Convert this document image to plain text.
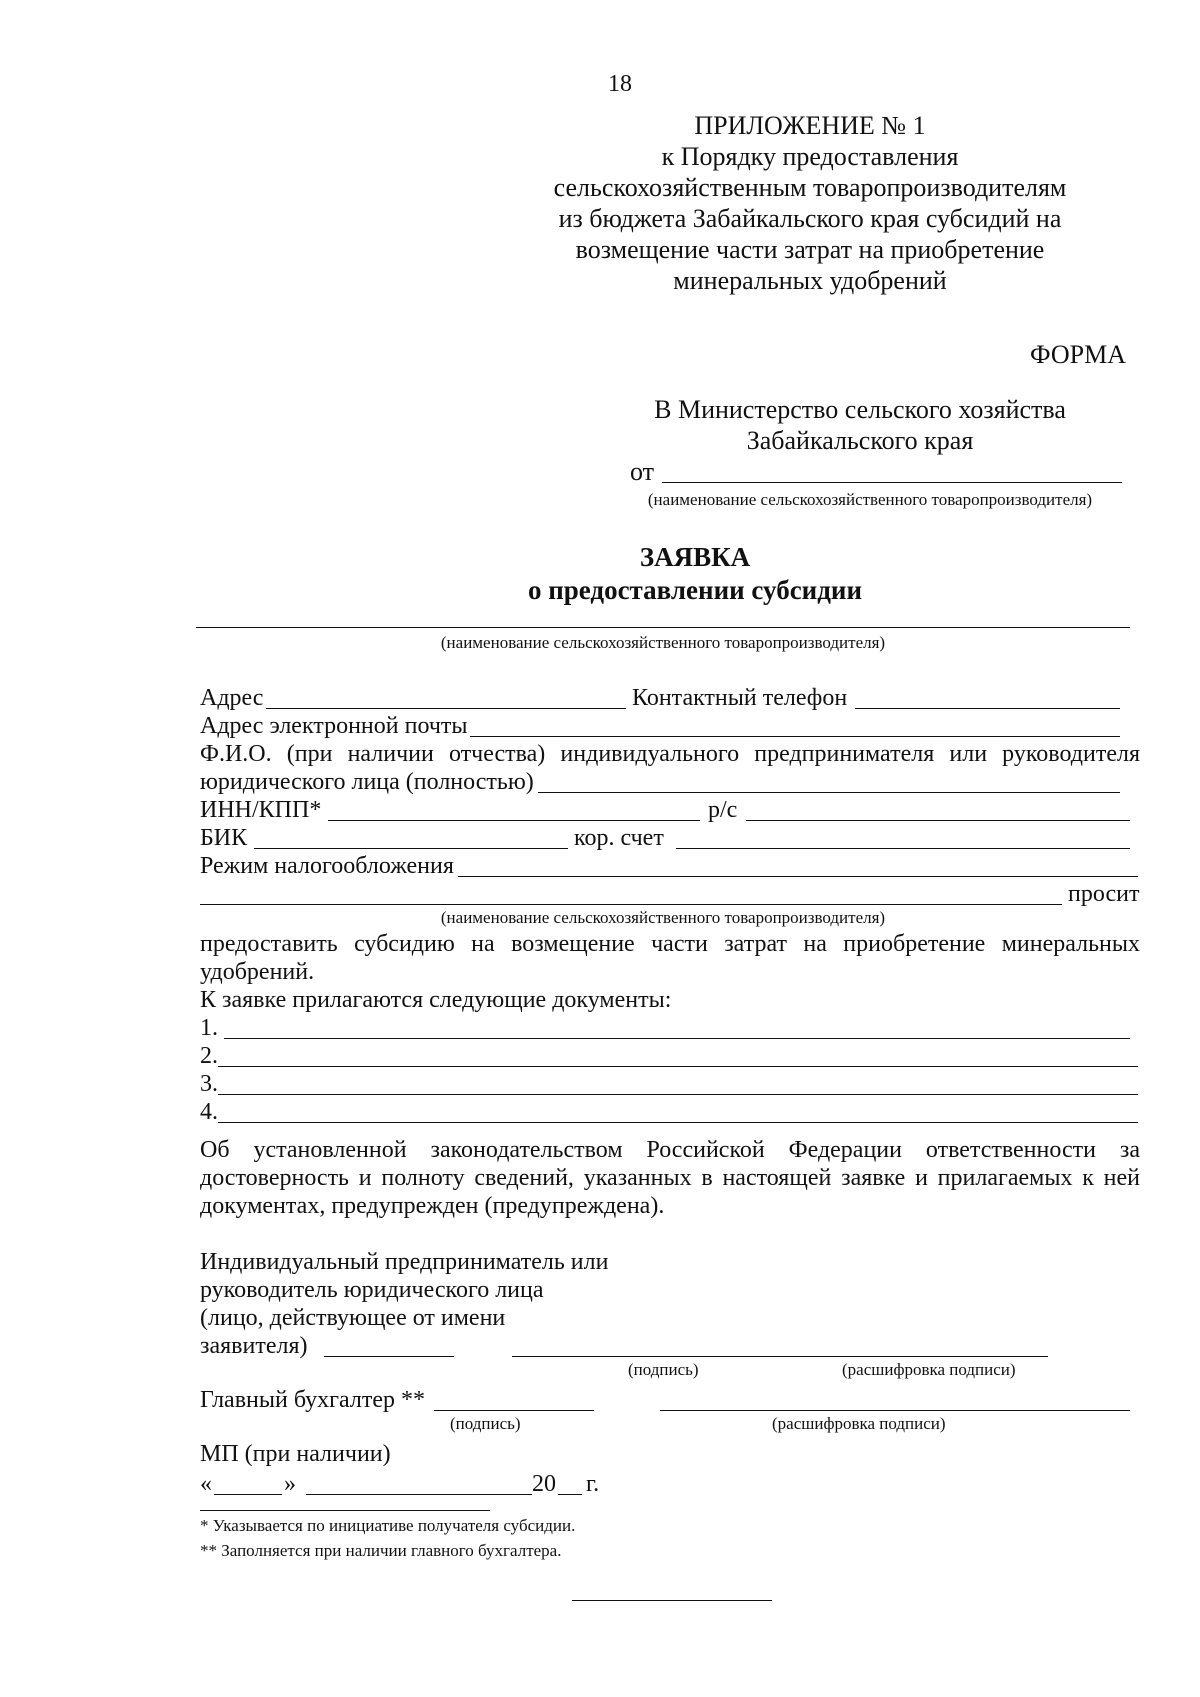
18
ПРИЛОЖЕНИЕ № 1
к Порядку предоставления
сельскохозяйственным товаропроизводителям
из бюджета Забайкальского края субсидий на
возмещение части затрат на приобретение
минеральных удобрений
ФОРМА
В Министерство сельского хозяйства
Забайкальского края
от
(наименование сельскохозяйственного товаропроизводителя)
ЗАЯВКА
о предоставлении субсидии
(наименование сельскохозяйственного товаропроизводителя)
Адрес	Контактный телефон
Адрес электронной почты
Ф.И.О. (при наличии отчества) индивидуального предпринимателя или руководителя
юридического лица (полностью)
ИНН/КПП*	р/с
БИК	кор. счет
Режим налогообложения
просит
(наименование сельскохозяйственного товаропроизводителя)
предоставить субсидию на возмещение части затрат на приобретение минеральных
удобрений.
К заявке прилагаются следующие документы:
1.
2.
3.
4.
Об установленной законодательством Российской Федерации ответственности за
достоверность и полноту сведений, указанных в настоящей заявке и прилагаемых к ней
документах, предупрежден (предупреждена).
Индивидуальный предприниматель или
руководитель юридического лица
(лицо, действующее от имени
заявителя)
(подпись)	(расшифровка подписи)
Главный бухгалтер **
(подпись)	(расшифровка подписи)
МП (при наличии)
«	»	20 г.
* Указывается по инициативе получателя субсидии.
** Заполняется при наличии главного бухгалтера.
